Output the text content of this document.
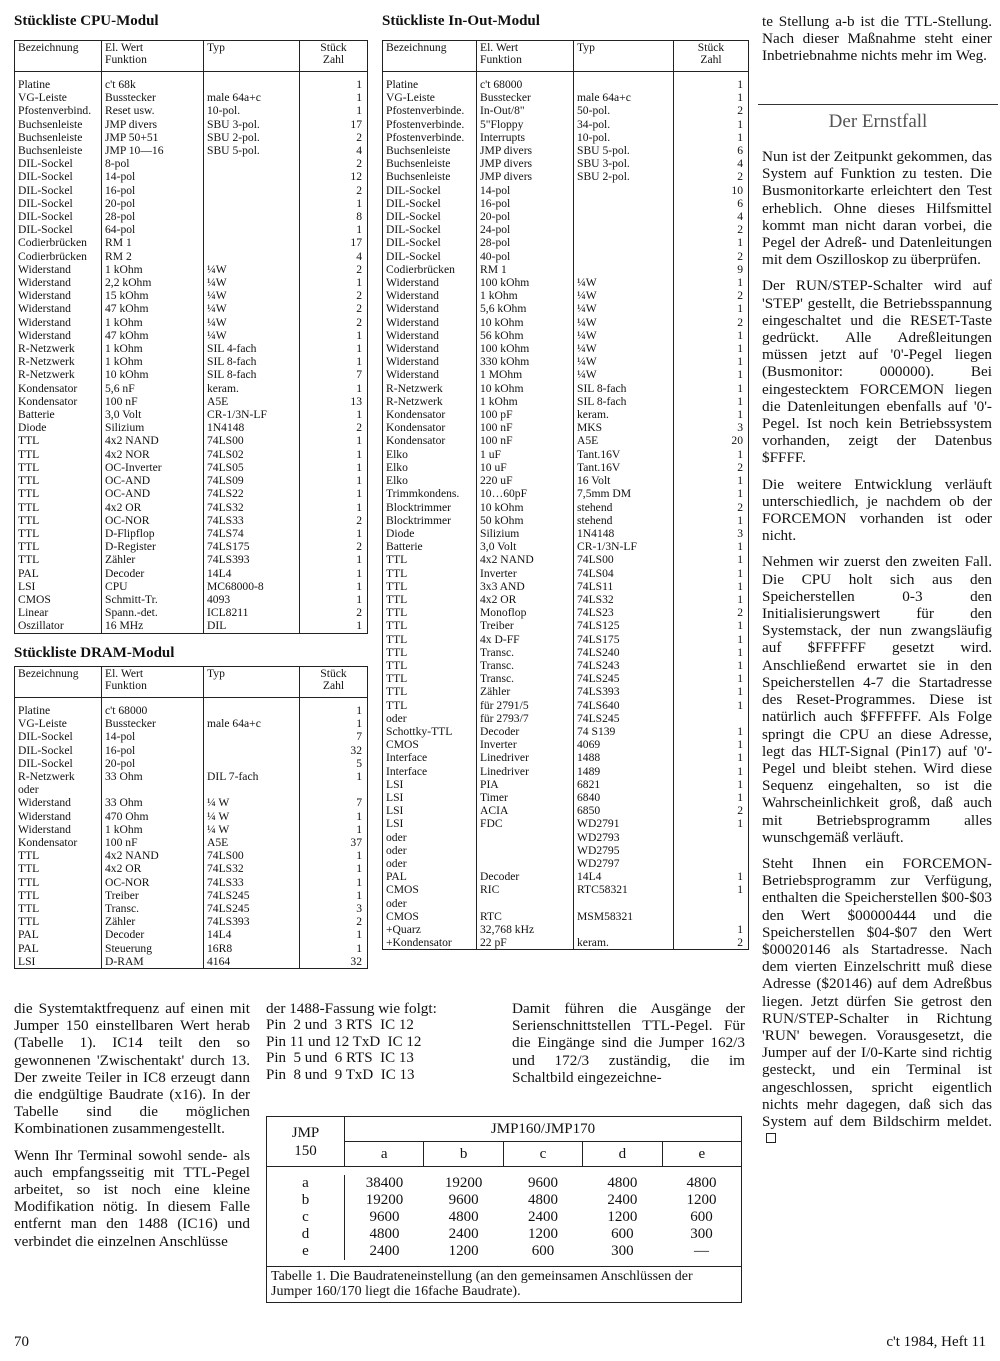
Stückliste CPU-Modul	Stückliste In-Out-Modul
Stückliste DRAM-Modul
Bezeichnung	El. Wert
Funktion	Typ	Stück
Zahl

Platine	c't 68k		1
VG-Leiste	Busstecker	male 64a+c	1
Pfostenverbind.	Reset usw.	10-pol.	1
Buchsenleiste	JMP divers	SBU 3-pol.	17
Buchsenleiste	JMP 50+51	SBU 2-pol.	2
Buchsenleiste	JMP 10—16	SBU 5-pol.	4
DIL-Sockel	8-pol		2
DIL-Sockel	14-pol		12
DIL-Sockel	16-pol		2
DIL-Sockel	20-pol		1
DIL-Sockel	28-pol		8
DIL-Sockel	64-pol		1
Codierbrücken	RM 1		17
Codierbrücken	RM 2		4
Widerstand	1 kOhm	¼W	2
Widerstand	2,2 kOhm	¼W	1
Widerstand	15 kOhm	¼W	2
Widerstand	47 kOhm	¼W	2
Widerstand	1 kOhm	¼W	2
Widerstand	47 kOhm	¼W	1
R-Netzwerk	1 kOhm	SIL 4-fach	1
R-Netzwerk	1 kOhm	SIL 8-fach	1
R-Netzwerk	10 kOhm	SIL 8-fach	7
Kondensator	5,6 nF	keram.	1
Kondensator	100 nF	A5E	13
Batterie	3,0 Volt	CR-1/3N-LF	1
Diode	Silizium	1N4148	2
TTL	4x2 NAND	74LS00	1
TTL	4x2 NOR	74LS02	1
TTL	OC-Inverter	74LS05	1
TTL	OC-AND	74LS09	1
TTL	OC-AND	74LS22	1
TTL	4x2 OR	74LS32	1
TTL	OC-NOR	74LS33	2
TTL	D-Flipflop	74LS74	1
TTL	D-Register	74LS175	2
TTL	Zähler	74LS393	1
PAL	Decoder	14L4	1
LSI	CPU	MC68000-8	1
CMOS	Schmitt-Tr.	4093	1
Linear	Spann.-det.	ICL8211	2
Oszillator	16 MHz	DIL	1
Bezeichnung	El. Wert
Funktion	Typ	Stück
Zahl

Platine	c't 68000		1
VG-Leiste	Busstecker	male 64a+c	1
DIL-Sockel	14-pol		7
DIL-Sockel	16-pol		32
DIL-Sockel	20-pol		5
R-Netzwerk	33 Ohm	DIL 7-fach	1
oder			
Widerstand	33 Ohm	¼ W	7
Widerstand	470 Ohm	¼ W	1
Widerstand	1 kOhm	¼ W	1
Kondensator	100 nF	A5E	37
TTL	4x2 NAND	74LS00	1
TTL	4x2 OR	74LS32	1
TTL	OC-NOR	74LS33	1
TTL	Treiber	74LS245	1
TTL	Transc.	74LS245	3
TTL	Zähler	74LS393	2
PAL	Decoder	14L4	1
PAL	Steuerung	16R8	1
LSI	D-RAM	4164	32
Bezeichnung	El. Wert
Funktion	Typ	Stück
Zahl

Platine	c't 68000		1
VG-Leiste	Busstecker	male 64a+c	1
Pfostenverbinde.	In-Out/8"	50-pol.	2
Pfostenverbinde.	5"Floppy	34-pol.	1
Pfostenverbinde.	Interrupts	10-pol.	1
Buchsenleiste	JMP divers	SBU 5-pol.	6
Buchsenleiste	JMP divers	SBU 3-pol.	4
Buchsenleiste	JMP divers	SBU 2-pol.	2
DIL-Sockel	14-pol		10
DIL-Sockel	16-pol		6
DIL-Sockel	20-pol		4
DIL-Sockel	24-pol		2
DIL-Sockel	28-pol		1
DIL-Sockel	40-pol		2
Codierbrücken	RM 1		9
Widerstand	100 kOhm	¼W	1
Widerstand	1 kOhm	¼W	2
Widerstand	5,6 kOhm	¼W	1
Widerstand	10 kOhm	¼W	2
Widerstand	56 kOhm	¼W	1
Widerstand	100 kOhm	¼W	1
Widerstand	330 kOhm	¼W	1
Widerstand	1 MOhm	¼W	1
R-Netzwerk	10 kOhm	SIL 8-fach	1
R-Netzwerk	1 kOhm	SIL 8-fach	1
Kondensator	100 pF	keram.	1
Kondensator	100 nF	MKS	3
Kondensator	100 nF	A5E	20
Elko	1 uF	Tant.16V	1
Elko	10 uF	Tant.16V	2
Elko	220 uF	16 Volt	1
Trimmkondens.	10…60pF	7,5mm DM	1
Blocktrimmer	10 kOhm	stehend	2
Blocktrimmer	50 kOhm	stehend	1
Diode	Silizium	1N4148	3
Batterie	3,0 Volt	CR-1/3N-LF	1
TTL	4x2 NAND	74LS00	1
TTL	Inverter	74LS04	1
TTL	3x3 AND	74LS11	1
TTL	4x2 OR	74LS32	1
TTL	Monoflop	74LS23	2
TTL	Treiber	74LS125	1
TTL	4x D-FF	74LS175	1
TTL	Transc.	74LS240	1
TTL	Transc.	74LS243	1
TTL	Transc.	74LS245	1
TTL	Zähler	74LS393	1
TTL	für 2791/5	74LS640	1
oder	für 2793/7	74LS245	
Schottky-TTL	Decoder	74 S139	1
CMOS	Inverter	4069	1
Interface	Linedriver	1488	1
Interface	Linedriver	1489	1
LSI	PIA	6821	1
LSI	Timer	6840	1
LSI	ACIA	6850	2
LSI	FDC	WD2791	1
oder		WD2793	
oder		WD2795	
oder		WD2797	
PAL	Decoder	14L4	1
CMOS	RIC	RTC58321	1
oder			
CMOS	RTC	MSM58321	
+Quarz	32,768 kHz		1
+Kondensator	22 pF	keram.	2

te Stellung a-b ist die TTL-Stellung. Nach dieser Maßnahme steht einer Inbetriebnahme nichts mehr im Weg.

Der Ernstfall

Nun ist der Zeitpunkt gekommen, das System auf Funktion zu testen. Die Busmonitorkarte erleichtert den Test erheblich. Ohne dieses Hilfsmittel kommt man nicht daran vorbei, die Pegel der Adreß- und Datenleitungen mit dem Oszilloskop zu überprüfen.

Der RUN/STEP-Schalter wird auf 'STEP' gestellt, die Betriebsspannung eingeschaltet und die RESET-Taste gedrückt. Alle Adreßleitungen müssen jetzt auf '0'-Pegel liegen (Busmonitor: 000000). Bei eingestecktem FORCEMON liegen die Datenleitungen ebenfalls auf '0'-Pegel. Ist noch kein Betriebssystem vorhanden, zeigt der Datenbus $FFFF.

Die weitere Entwicklung verläuft unterschiedlich, je nachdem ob der FORCEMON vorhanden ist oder nicht.

Nehmen wir zuerst den zweiten Fall. Die CPU holt sich aus den Speicherstellen 0-3 den Initialisierungswert für den Systemstack, der nun zwangsläufig auf $FFFFFF gesetzt wird. Anschließend erwartet sie in den Speicherstellen 4-7 die Startadresse des Reset-Programmes. Diese ist natürlich auch $FFFFFF. Als Folge springt die CPU an diese Adresse, legt das HLT-Signal (Pin17) auf '0'-Pegel und bleibt stehen. Wird diese Sequenz eingehalten, so ist die Wahrscheinlichkeit groß, daß auch mit Betriebsprogramm alles wunschgemäß verläuft.

Steht Ihnen ein FORCEMON-Betriebsprogramm zur Verfügung, enthalten die Speicherstellen $00-$03 den Wert $00000444 und die Speicherstellen $04-$07 den Wert $00020146 als Startadresse. Nach dem vierten Einzelschritt muß diese Adresse ($20146) auf dem Adreßbus liegen. Jetzt dürfen Sie getrost den RUN/STEP-Schalter in Richtung 'RUN' bewegen. Vorausgesetzt, die Jumper auf der I/0-Karte sind richtig gesteckt, und ein Terminal ist angeschlossen, spricht eigentlich nichts mehr dagegen, daß sich das System auf dem Bildschirm meldet.

die Systemtaktfrequenz auf einen mit Jumper 150 einstellbaren Wert herab (Tabelle 1). IC14 teilt den so gewonnenen 'Zwischentakt' durch 13. Der zweite Teiler in IC8 erzeugt dann die endgültige Baudrate (x16). In der Tabelle sind die möglichen Kombinationen zusammengestellt.

Wenn Ihr Terminal sowohl sende- als auch empfangsseitig mit TTL-Pegel arbeitet, so ist noch eine kleine Modifikation nötig. In diesem Falle entfernt man den 1488 (IC16) und verbindet die einzelnen Anschlüsse

der 1488-Fassung wie folgt:
Pin  2 und  3 RTS  IC 12
Pin 11 und 12 TxD  IC 12
Pin  5 und  6 RTS  IC 13
Pin  8 und  9 TxD  IC 13

Damit führen die Ausgänge der Serienschnittstellen TTL-Pegel. Für die Eingänge sind die Jumper 162/3 und 172/3 zuständig, die im Schaltbild eingezeichne-

JMP
150	JMP160/JMP170				
	a	b	c	d	e

a	38400	19200	9600	4800	4800
b	19200	9600	4800	2400	1200
c	9600	4800	2400	1200	600
d	4800	2400	1200	600	300
e	2400	1200	600	300	—

Tabelle 1. Die Baudrateneinstellung (an den gemeinsamen Anschlüssen der Jumper 160/170 liegt die 16fache Baudrate).					
70	c't 1984, Heft 11
